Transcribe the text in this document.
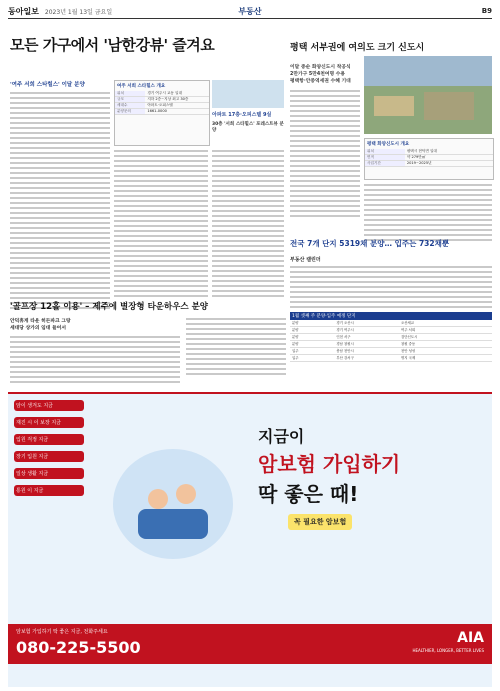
동아일보 2023년 1월 13일 금요일	부동산	B9
모든 가구에서 '남한강뷰' 즐겨요
'여주 서희 스타힐스' 이달 분양	여주 서희 스타힐스 개요
위치	경기 여주시 교동 일대
규모	지하 2층~지상 최고 30층
세대수	아파트·오피스텔
분양문의	1661-0000
아파트 17층·오피스텔 9실
30층 '서희 스타힐스' 포레스트뷰 분양
평택 서부권에 여의도 크기 신도시
이달 중순 화양신도시 착공식
2만가구 5만4천여명 수용
평택항·안중역세권 수혜 기대
평택 화양신도시 개요
위치	평택시 현덕면 일대
면적	약 279만㎡
사업기간	2019~2025년
전국 7개 단지 5319채 분양… 입주는 732채뿐
부동산 캘린더
1월 셋째 주 분양·입주 예정 단지
분양	경기 오산시	오산세교
분양	경기 여주시	여주 서희
분양	인천 서구	검단신도시
분양	경남 창원시	창원 중동
입주	충남 천안시	천안 성성
입주	부산 강서구	명지 국제
'골프장 12홀 이용' – 제주에 별장형 타운하우스 분양
안덕휴게 타운 히든파크 그랑
세대당 상가의 임대 들어서
암이 생겨도 지금
재진 시 이 보장 지금
입원 걱정 지금
장기 입원 지금
일상 생활 지금
통원 이 지금
지금이
암보험 가입하기
딱 좋은 때!
꼭 필요한 암보험
암보험 가입하기 딱 좋은 지금, 전화주세요
080-225-5500	AIA
HEALTHIER, LONGER, BETTER LIVES
